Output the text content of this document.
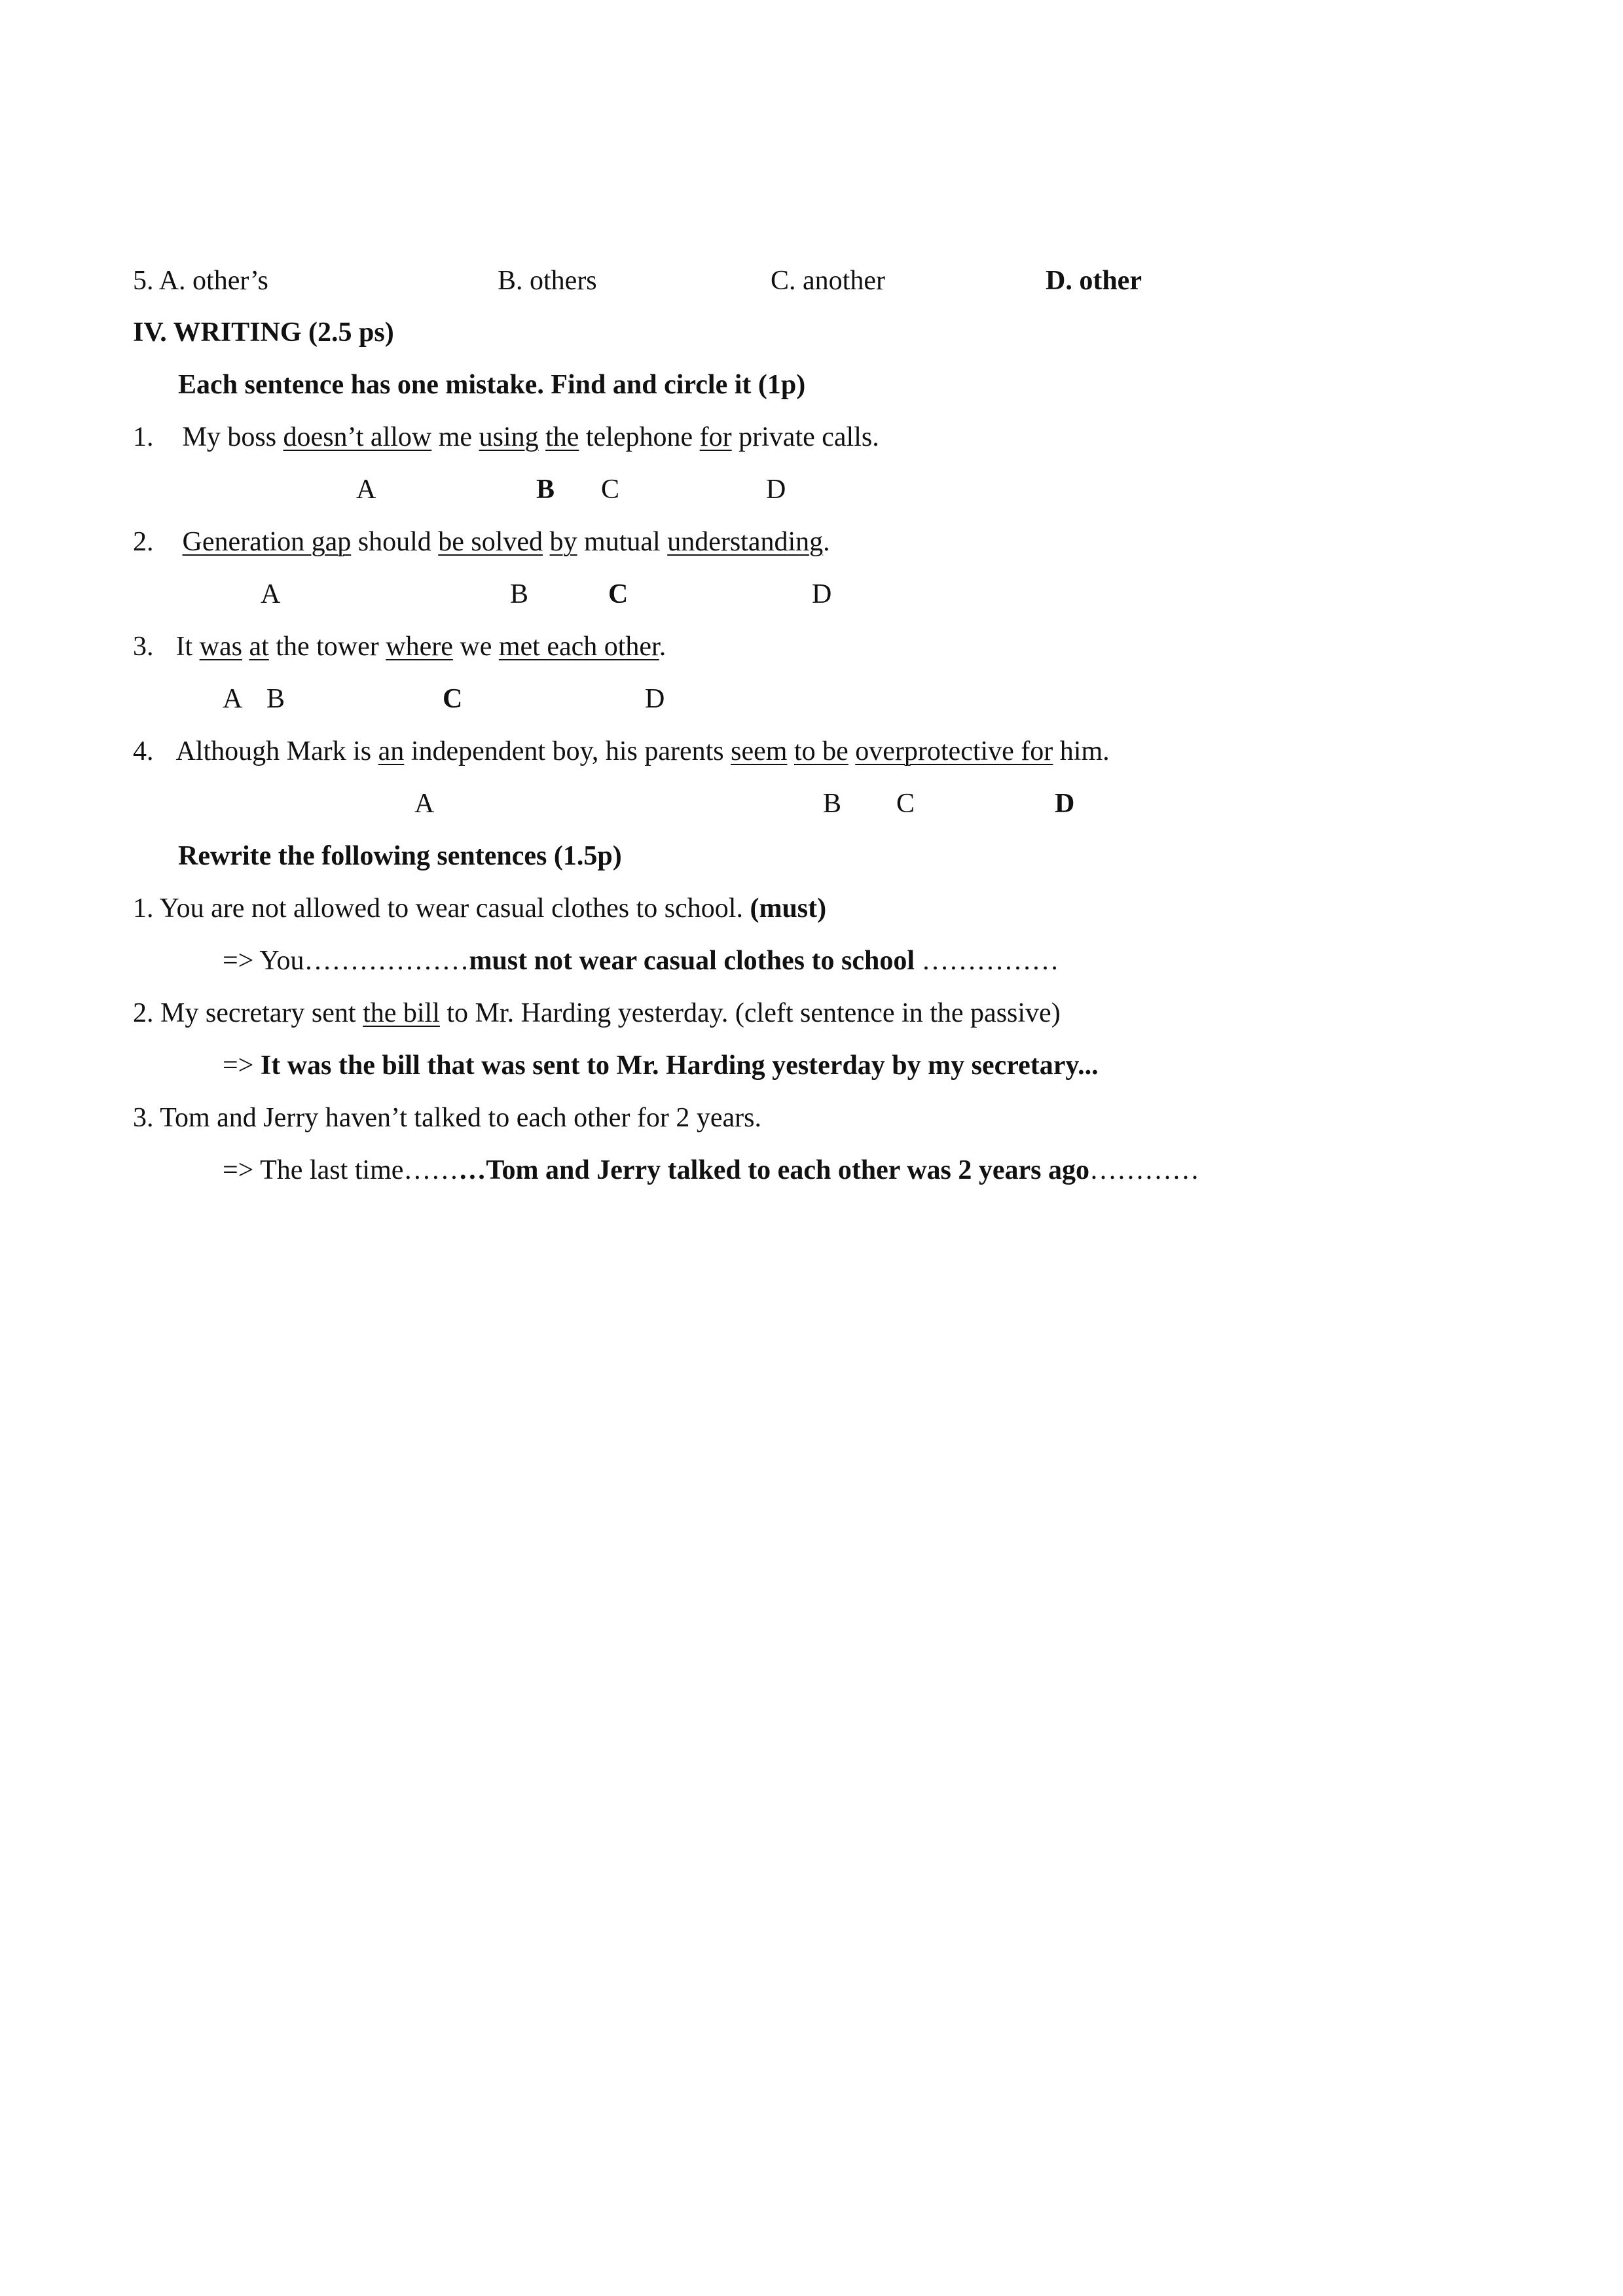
5. A. other’s	B. others	C. another	D. other
IV. WRITING (2.5 ps)
Each sentence has one mistake. Find and circle it (1p)
1. My boss doesn’t allow me using the telephone for private calls.
A	B C	D
2. Generation gap should be solved by mutual understanding.
A	B	C	D
3. It was at the tower where we met each other.
A B	C	D
4. Although Mark is an independent boy, his parents seem to be overprotective for him.
A	B C	D
Rewrite the following sentences (1.5p)
1. You are not allowed to wear casual clothes to school. (must)
=> You………………must not wear casual clothes to school ……………
2. My secretary sent the bill to Mr. Harding yesterday. (cleft sentence in the passive)
=> It was the bill that was sent to Mr. Harding yesterday by my secretary...
3. Tom and Jerry haven’t talked to each other for 2 years.
=> The last time………Tom and Jerry talked to each other was 2 years ago…………
